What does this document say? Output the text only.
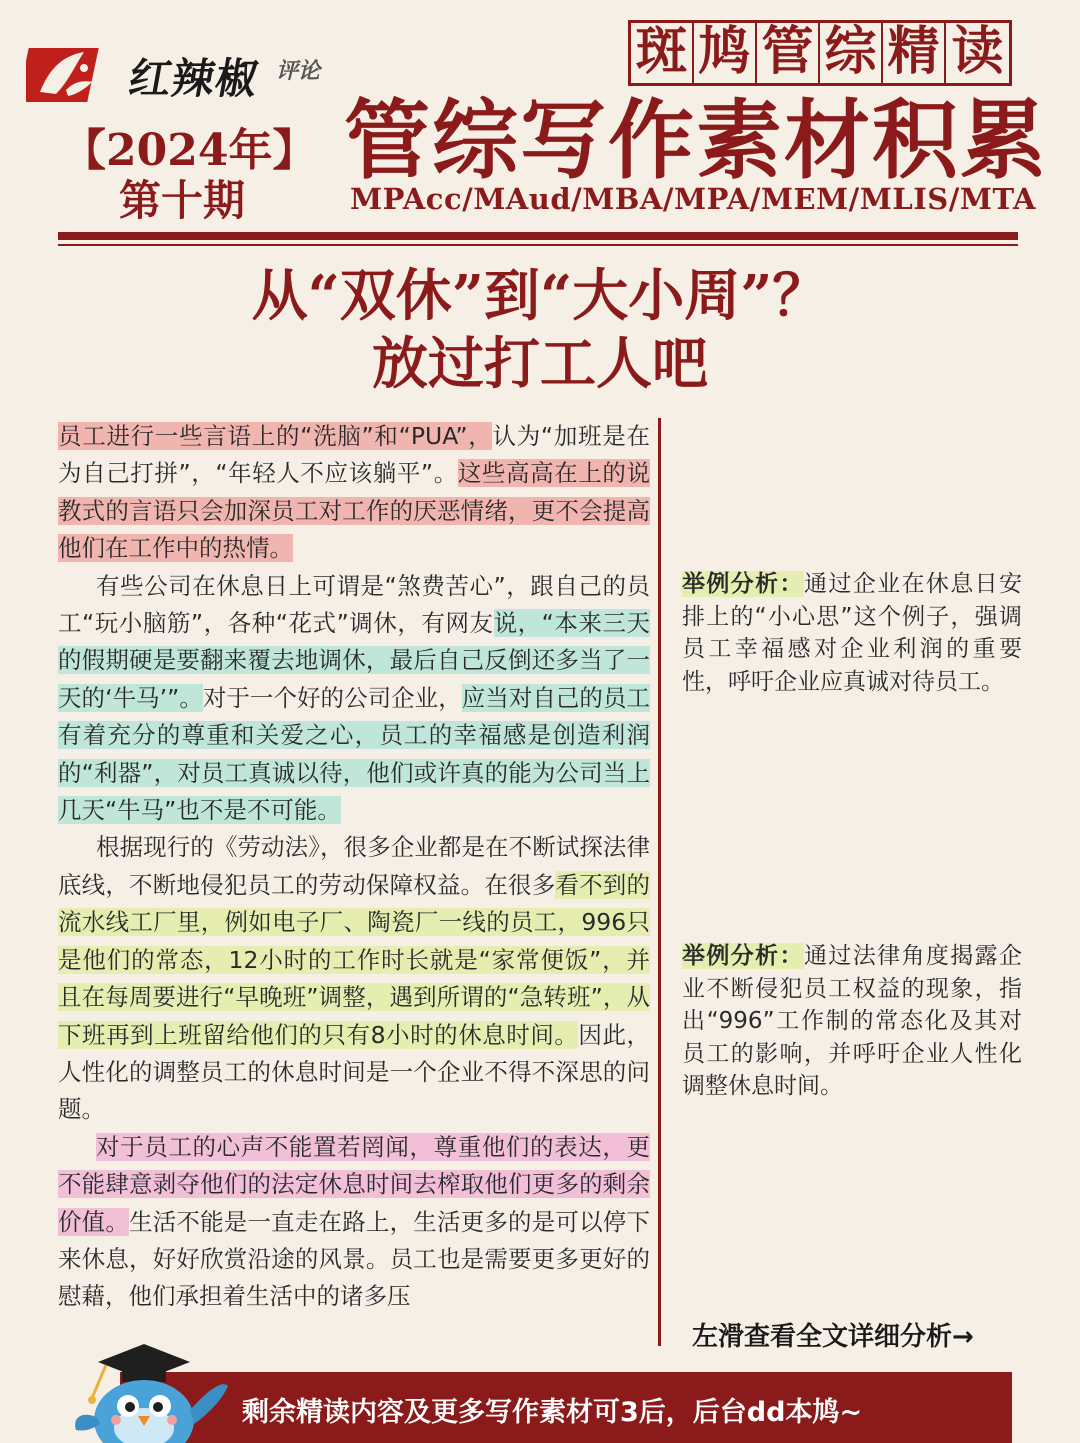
红辣椒 评论
【2024年】
第十期
斑 鸠 管 综 精 读
管综写作素材积累
MPAcc/MAud/MBA/MPA/MEM/MLIS/MTA
从“双休”到“大小周”？
放过打工人吧

员工进行一些言语上的“洗脑”和“PUA”，认为“加班是在为自己打拼”，“年轻人不应该躺平”。这些高高在上的说教式的言语只会加深员工对工作的厌恶情绪，更不会提高他们在工作中的热情。

有些公司在休息日上可谓是“煞费苦心”，跟自己的员工“玩小脑筋”，各种“花式”调休，有网友说，“本来三天的假期硬是要翻来覆去地调休，最后自己反倒还多当了一天的‘牛马’”。对于一个好的公司企业，应当对自己的员工有着充分的尊重和关爱之心，员工的幸福感是创造利润的“利器”，对员工真诚以待，他们或许真的能为公司当上几天“牛马”也不是不可能。

根据现行的《劳动法》，很多企业都是在不断试探法律底线，不断地侵犯员工的劳动保障权益。在很多看不到的流水线工厂里，例如电子厂、陶瓷厂一线的员工，996只是他们的常态，12小时的工作时长就是“家常便饭”，并且在每周要进行“早晚班”调整，遇到所谓的“急转班”，从下班再到上班留给他们的只有8小时的休息时间。因此，人性化的调整员工的休息时间是一个企业不得不深思的问题。

对于员工的心声不能置若罔闻，尊重他们的表达，更不能肆意剥夺他们的法定休息时间去榨取他们更多的剩余价值。生活不能是一直走在路上，生活更多的是可以停下来休息，好好欣赏沿途的风景。员工也是需要更多更好的慰藉，他们承担着生活中的诸多压

举例分析：通过企业在休息日安排上的“小心思”这个例子，强调员工幸福感对企业利润的重要性，呼吁企业应真诚对待员工。
举例分析：通过法律角度揭露企业不断侵犯员工权益的现象，指出“996”工作制的常态化及其对员工的影响，并呼吁企业人性化调整休息时间。
左滑查看全文详细分析→
剩余精读内容及更多写作素材可3后，后台dd本鸠~
